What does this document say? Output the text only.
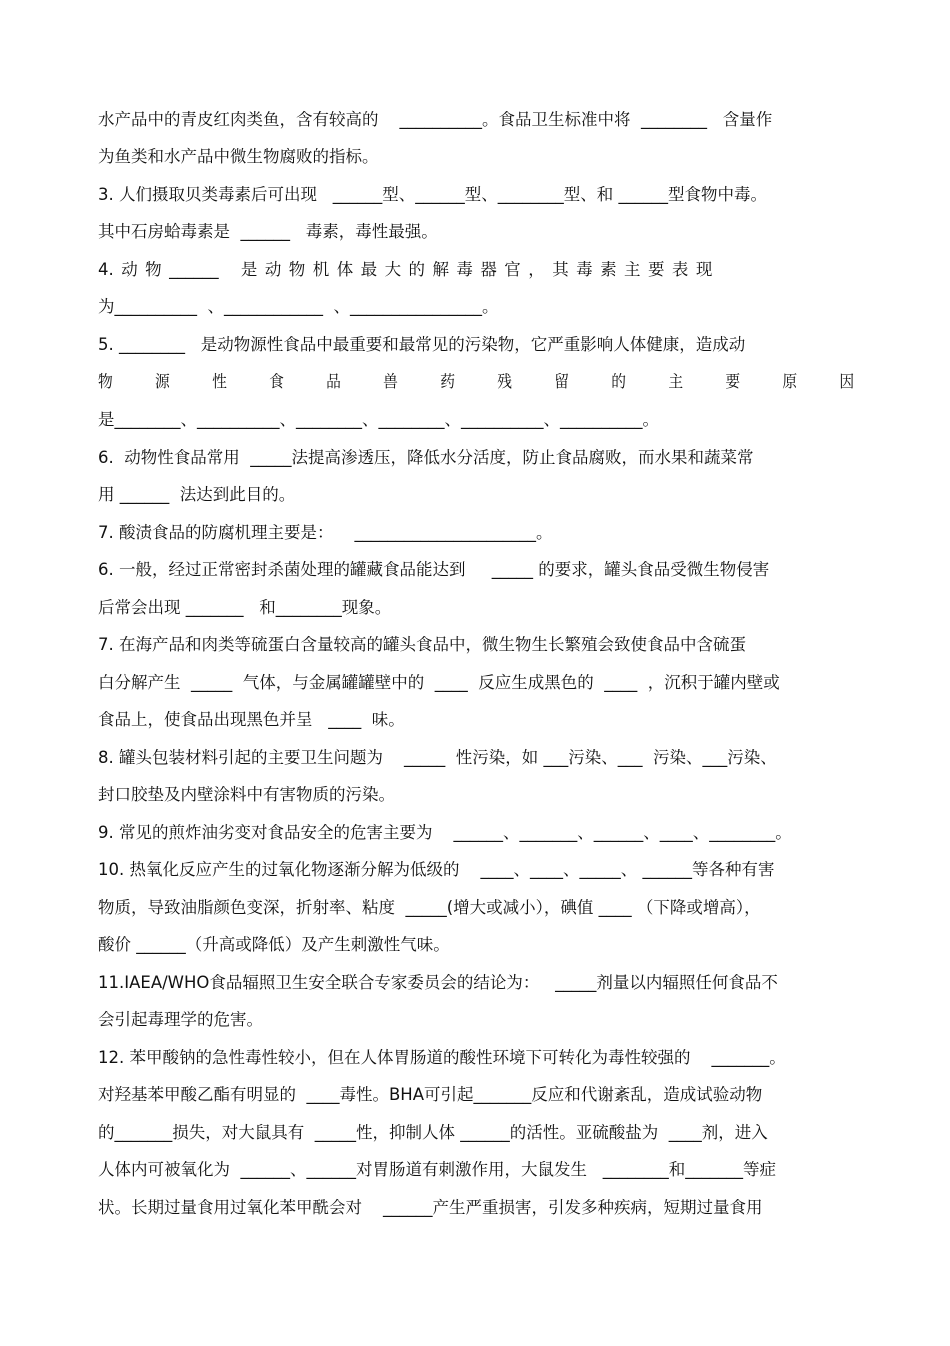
水产品中的青皮红肉类鱼，含有较高的    __________。食品卫生标准中将  ________   含量作
为鱼类和水产品中微生物腐败的指标。
3. 人们摄取贝类毒素后可出现   ______型、______型、________型、和 ______型食物中毒。
其中石房蛤毒素是  ______   毒素，毒性最强。
4. 动 物 ______   是 动 物 机 体 最 大 的 解 毒 器 官 ， 其 毒 素 主 要 表 现
为__________  、____________  、________________。
5. ________   是动物源性食品中最重要和最常见的污染物，它严重影响人体健康，造成动
物 源 性 食 品 兽 药 残 留 的 主 要 原 因
是________、__________、________、________、__________、__________。
6.  动物性食品常用  _____法提高渗透压，降低水分活度，防止食品腐败，而水果和蔬菜常
用 ______  法达到此目的。
7. 酸渍食品的防腐机理主要是：    ______________________。
6. 一般，经过正常密封杀菌处理的罐藏食品能达到     _____ 的要求，罐头食品受微生物侵害
后常会出现 _______   和________现象。
7. 在海产品和肉类等硫蛋白含量较高的罐头食品中，微生物生长繁殖会致使食品中含硫蛋
白分解产生  _____  气体，与金属罐罐壁中的  ____  反应生成黑色的  ____  ，沉积于罐内壁或
食品上，使食品出现黑色并呈   ____  味。
8. 罐头包装材料引起的主要卫生问题为    _____  性污染，如 ___污染、___  污染、___污染、
封口胶垫及内壁涂料中有害物质的污染。
9. 常见的煎炸油劣变对食品安全的危害主要为    ______、_______、______、____、________。
10. 热氧化反应产生的过氧化物逐渐分解为低级的    ____、____、_____、 ______等各种有害
物质，导致油脂颜色变深，折射率、粘度  _____(增大或减小），碘值 ____ （下降或增高），
酸价 ______（升高或降低）及产生刺激性气味。
11.IAEA/WHO食品辐照卫生安全联合专家委员会的结论为：   _____剂量以内辐照任何食品不
会引起毒理学的危害。
12. 苯甲酸钠的急性毒性较小，但在人体胃肠道的酸性环境下可转化为毒性较强的    _______。
对羟基苯甲酸乙酯有明显的  ____毒性。BHA可引起_______反应和代谢紊乱，造成试验动物
的_______损失，对大鼠具有  _____性，抑制人体 ______的活性。亚硫酸盐为  ____剂，进入
人体内可被氧化为  ______、______对胃肠道有刺激作用，大鼠发生   ________和_______等症
状。长期过量食用过氧化苯甲酰会对    ______产生严重损害，引发多种疾病，短期过量食用
